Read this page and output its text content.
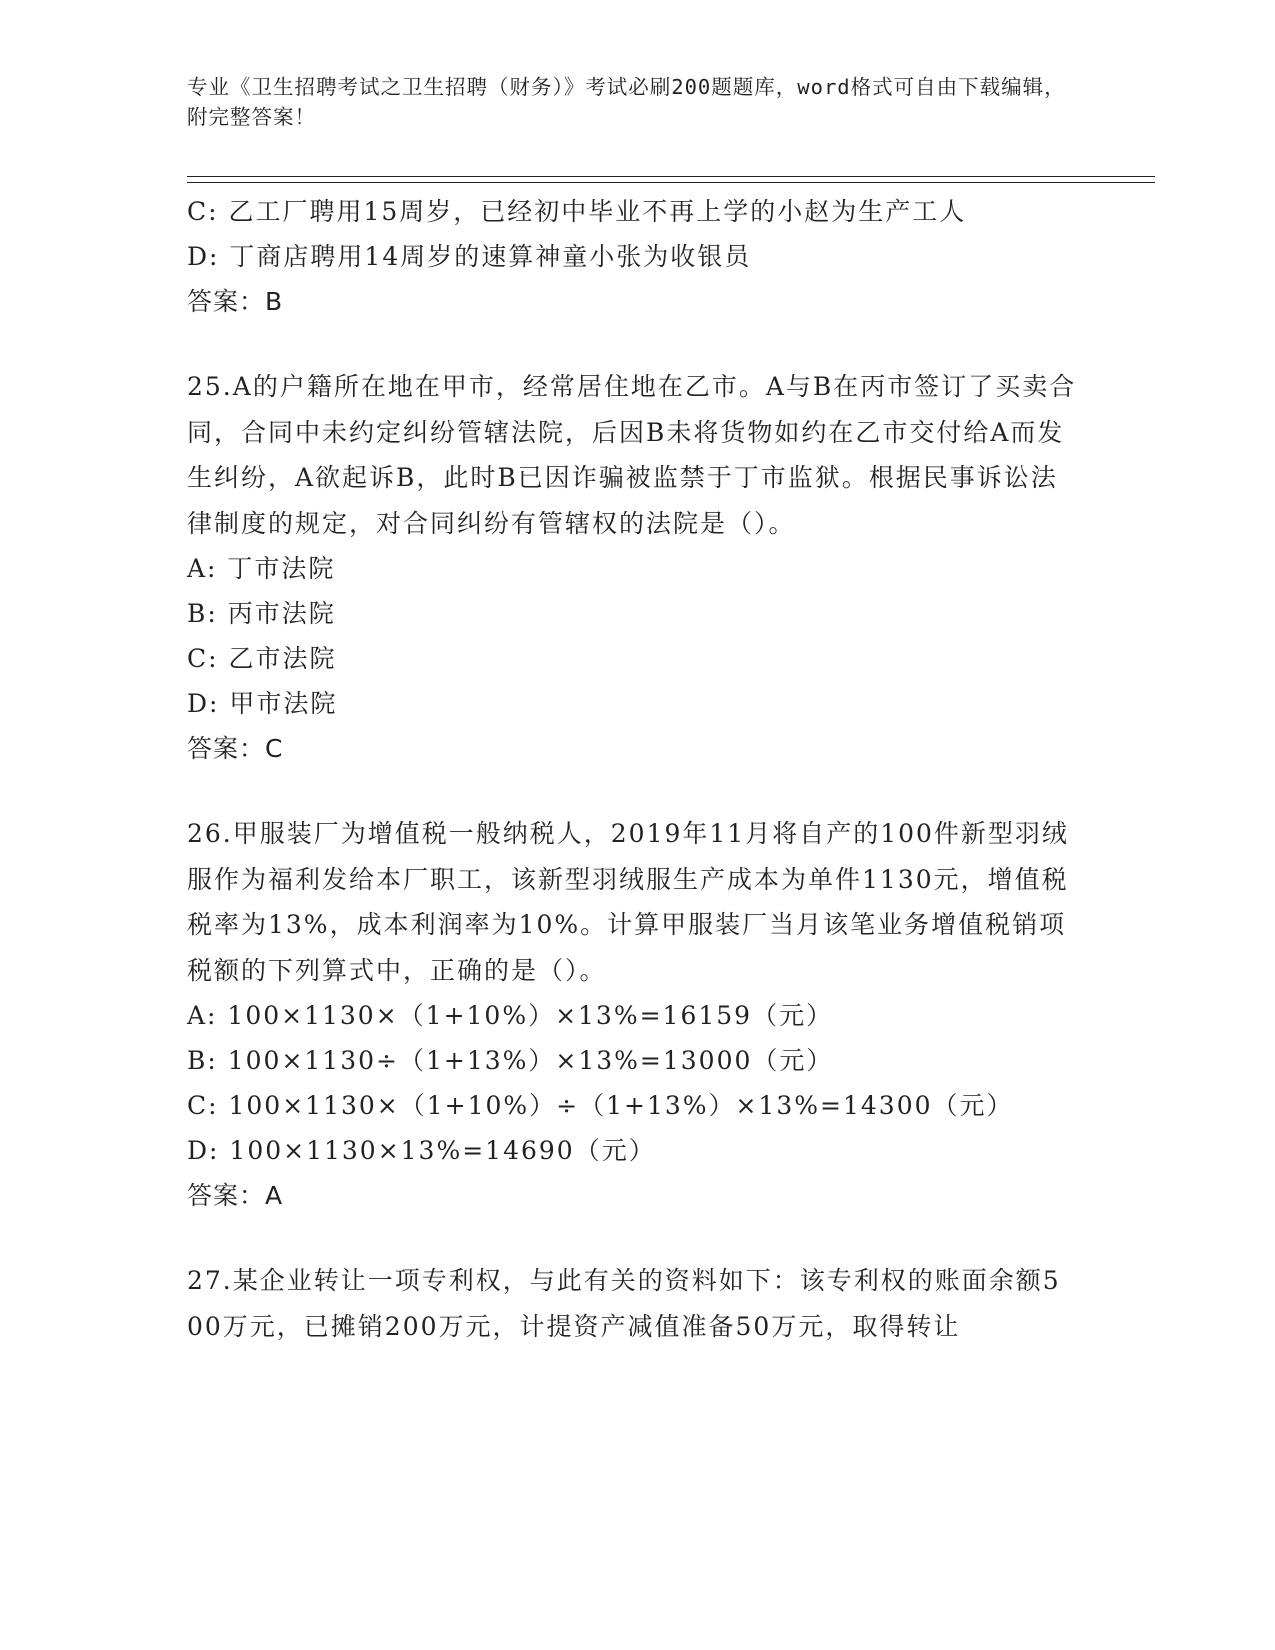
专业《卫生招聘考试之卫生招聘（财务）》考试必刷200题题库，word格式可自由下载编辑，附完整答案！
C: 乙工厂聘用15周岁，已经初中毕业不再上学的小赵为生产工人
D: 丁商店聘用14周岁的速算神童小张为收银员
答案：B
25.A的户籍所在地在甲市，经常居住地在乙市。A与B在丙市签订了买卖合同，合同中未约定纠纷管辖法院，后因B未将货物如约在乙市交付给A而发生纠纷，A欲起诉B，此时B已因诈骗被监禁于丁市监狱。根据民事诉讼法律制度的规定，对合同纠纷有管辖权的法院是（）。
A: 丁市法院
B: 丙市法院
C: 乙市法院
D: 甲市法院
答案：C
26.甲服装厂为增值税一般纳税人，2019年11月将自产的100件新型羽绒服作为福利发给本厂职工，该新型羽绒服生产成本为单件1130元，增值税税率为13%，成本利润率为10%。计算甲服装厂当月该笔业务增值税销项税额的下列算式中，正确的是（）。
A: 100×1130×（1+10%）×13%=16159（元）
B: 100×1130÷（1+13%）×13%=13000（元）
C: 100×1130×（1+10%）÷（1+13%）×13%=14300（元）
D: 100×1130×13%=14690（元）
答案：A
27.某企业转让一项专利权，与此有关的资料如下：该专利权的账面余额500万元，已摊销200万元，计提资产减值准备50万元，取得转让
